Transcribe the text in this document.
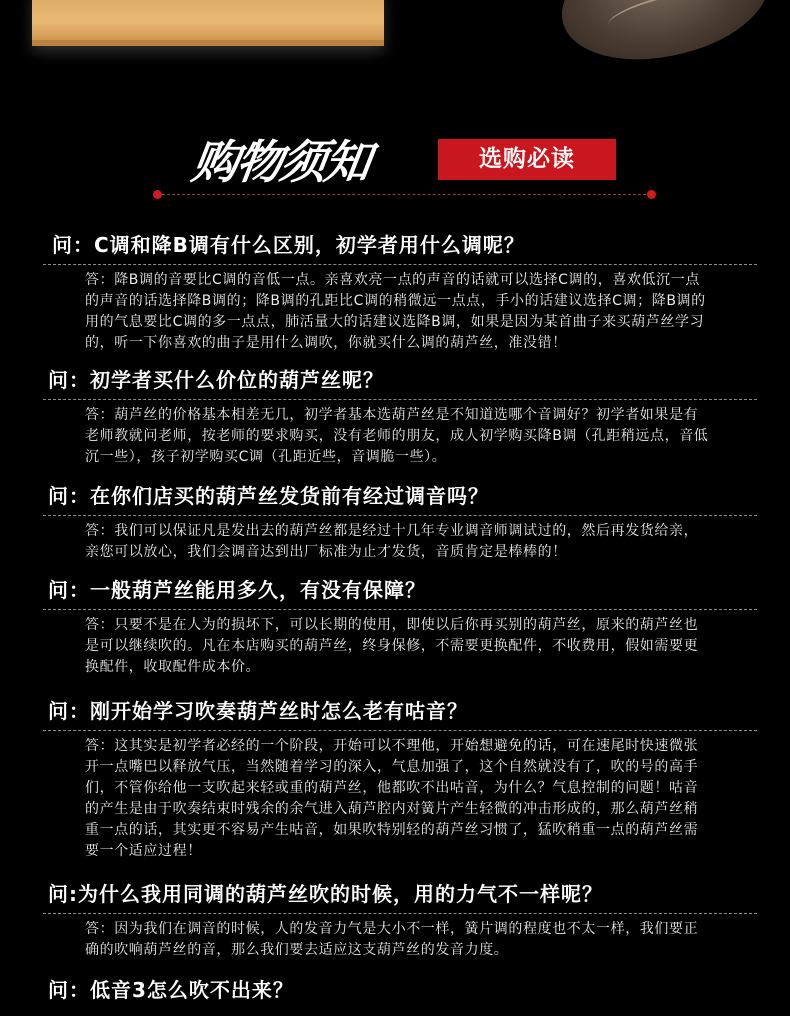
购物须知	选购必读

问：C调和降B调有什么区别，初学者用什么调呢？

答：降B调的音要比C调的音低一点。亲喜欢亮一点的声音的话就可以选择C调的，喜欢低沉一点的声音的话选择降B调的；降B调的孔距比C调的稍微远一点点，手小的话建议选择C调；降B调的用的气息要比C调的多一点点，肺活量大的话建议选降B调，如果是因为某首曲子来买葫芦丝学习的，听一下你喜欢的曲子是用什么调吹，你就买什么调的葫芦丝，准没错！

问：初学者买什么价位的葫芦丝呢？

答：葫芦丝的价格基本相差无几，初学者基本选葫芦丝是不知道选哪个音调好？初学者如果是有老师教就问老师，按老师的要求购买，没有老师的朋友，成人初学购买降B调（孔距稍远点，音低沉一些），孩子初学购买C调（孔距近些，音调脆一些）。

问：在你们店买的葫芦丝发货前有经过调音吗？

答：我们可以保证凡是发出去的葫芦丝都是经过十几年专业调音师调试过的，然后再发货给亲，亲您可以放心，我们会调音达到出厂标准为止才发货，音质肯定是棒棒的！

问：一般葫芦丝能用多久，有没有保障？

答：只要不是在人为的损坏下，可以长期的使用，即使以后你再买别的葫芦丝，原来的葫芦丝也是可以继续吹的。凡在本店购买的葫芦丝，终身保修，不需要更换配件，不收费用，假如需要更换配件，收取配件成本价。

问：刚开始学习吹奏葫芦丝时怎么老有咕音？

答：这其实是初学者必经的一个阶段，开始可以不理他，开始想避免的话，可在速尾时快速微张开一点嘴巴以释放气压，当然随着学习的深入，气息加强了，这个自然就没有了，吹的号的高手们，不管你给他一支吹起来轻或重的葫芦丝，他都吹不出咕音，为什么？气息控制的问题！咕音的产生是由于吹奏结束时残余的余气进入葫芦腔内对簧片产生轻微的冲击形成的，那么葫芦丝稍重一点的话，其实更不容易产生咕音，如果吹特别轻的葫芦丝习惯了，猛吹稍重一点的葫芦丝需要一个适应过程！

问:为什么我用同调的葫芦丝吹的时候，用的力气不一样呢？

答：因为我们在调音的时候，人的发音力气是大小不一样，簧片调的程度也不太一样，我们要正确的吹响葫芦丝的音，那么我们要去适应这支葫芦丝的发音力度。

问：低音3怎么吹不出来？
